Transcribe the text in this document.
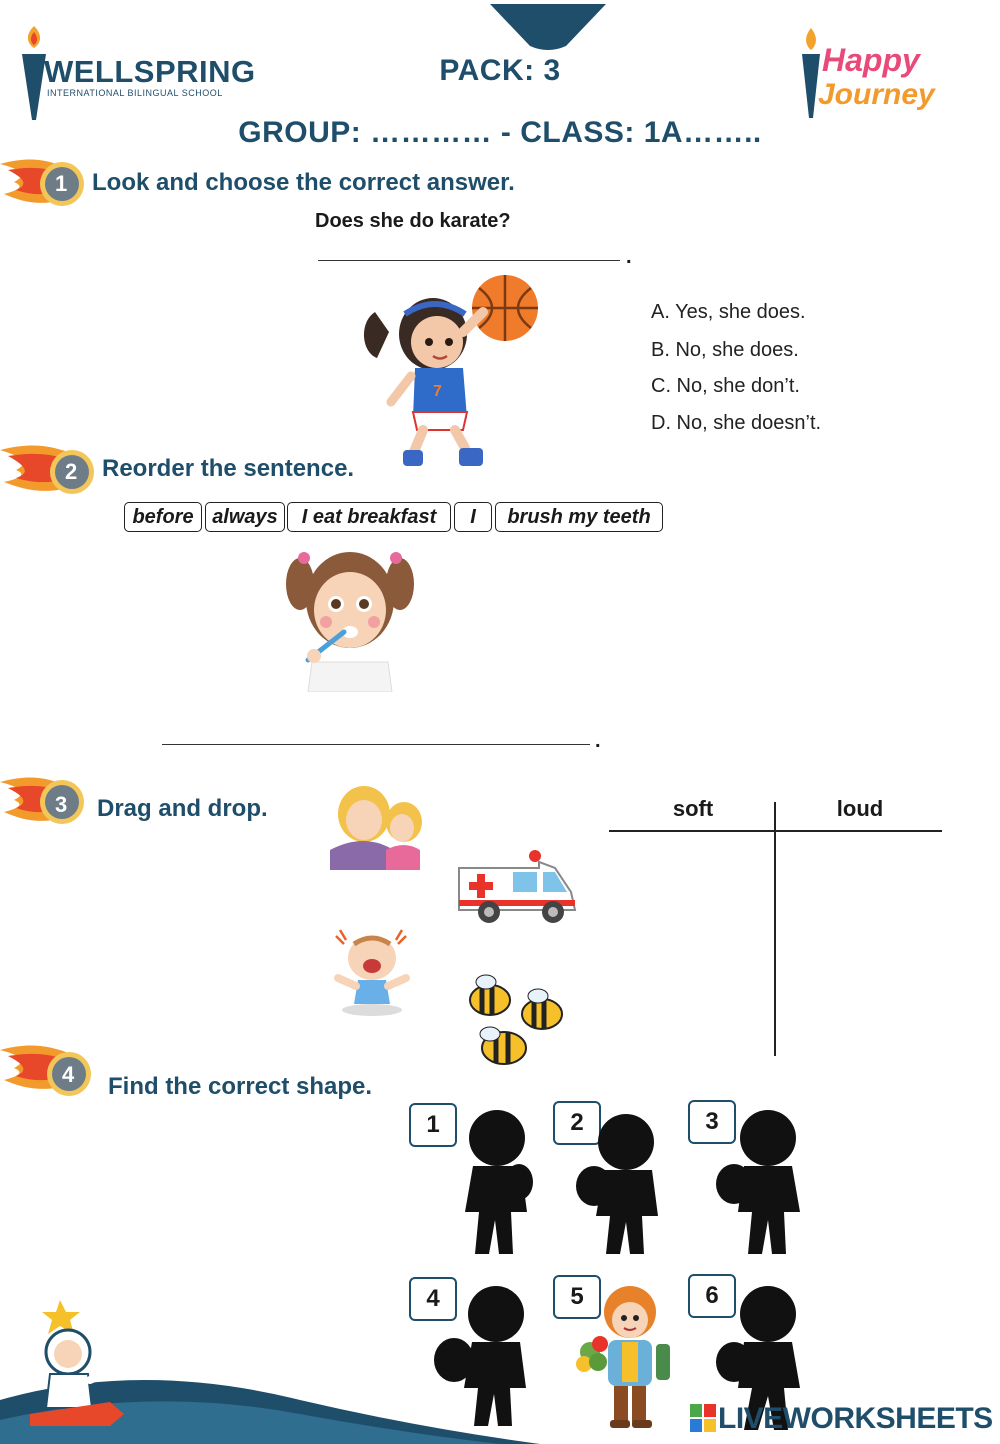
WELLSPRING
INTERNATIONAL BILINGUAL SCHOOL
Happy
Journey
PACK: 3
GROUP: ………… - CLASS: 1A……..
1 Look and choose the correct answer.
2 Reorder the sentence.
3 Drag and drop.
4 Find the correct shape.
Does she do karate?
.
7
A. Yes, she does.
B. No, she does.
C. No, she don’t.
D. No, she doesn’t.
before always	I eat breakfast	I	brush my teeth
.
soft	loud
1	2	3
4	5	6
LIVEWORKSHEETS
